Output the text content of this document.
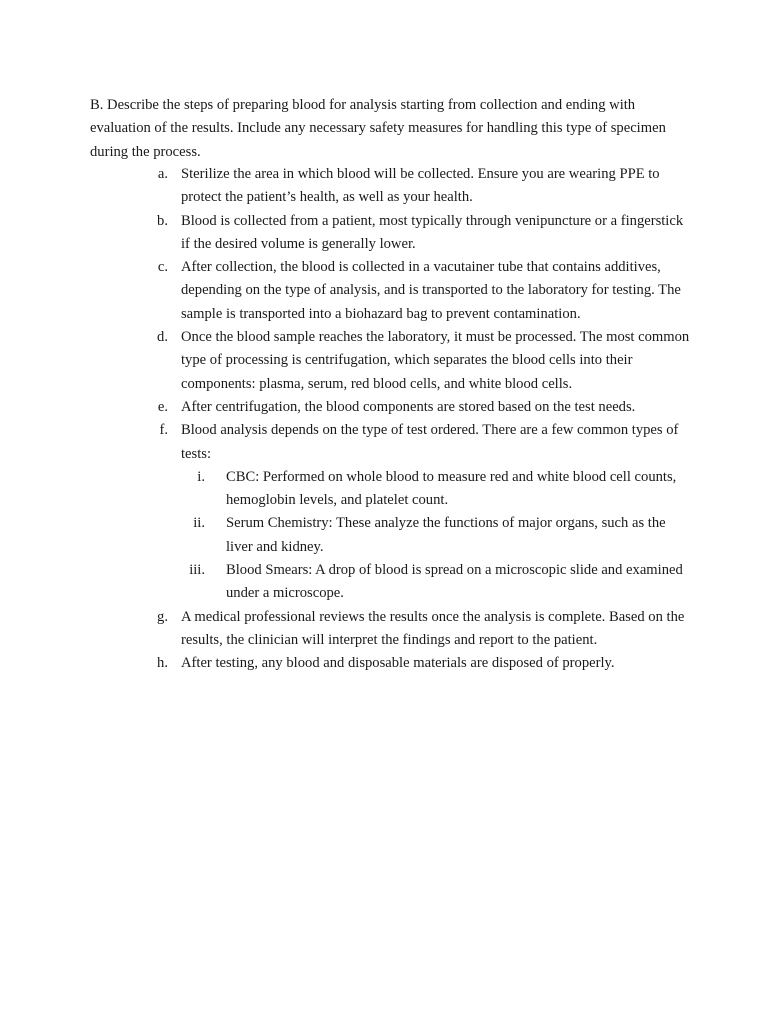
B. Describe the steps of preparing blood for analysis starting from collection and ending with evaluation of the results. Include any necessary safety measures for handling this type of specimen during the process.

a. Sterilize the area in which blood will be collected. Ensure you are wearing PPE to protect the patient’s health, as well as your health.
b. Blood is collected from a patient, most typically through venipuncture or a fingerstick if the desired volume is generally lower.
c. After collection, the blood is collected in a vacutainer tube that contains additives, depending on the type of analysis, and is transported to the laboratory for testing. The sample is transported into a biohazard bag to prevent contamination.
d. Once the blood sample reaches the laboratory, it must be processed. The most common type of processing is centrifugation, which separates the blood cells into their components: plasma, serum, red blood cells, and white blood cells.
e. After centrifugation, the blood components are stored based on the test needs.
f. Blood analysis depends on the type of test ordered. There are a few common types of tests:
i. CBC: Performed on whole blood to measure red and white blood cell counts, hemoglobin levels, and platelet count.
ii. Serum Chemistry: These analyze the functions of major organs, such as the liver and kidney.
iii. Blood Smears: A drop of blood is spread on a microscopic slide and examined under a microscope.
g. A medical professional reviews the results once the analysis is complete. Based on the results, the clinician will interpret the findings and report to the patient.
h. After testing, any blood and disposable materials are disposed of properly.
